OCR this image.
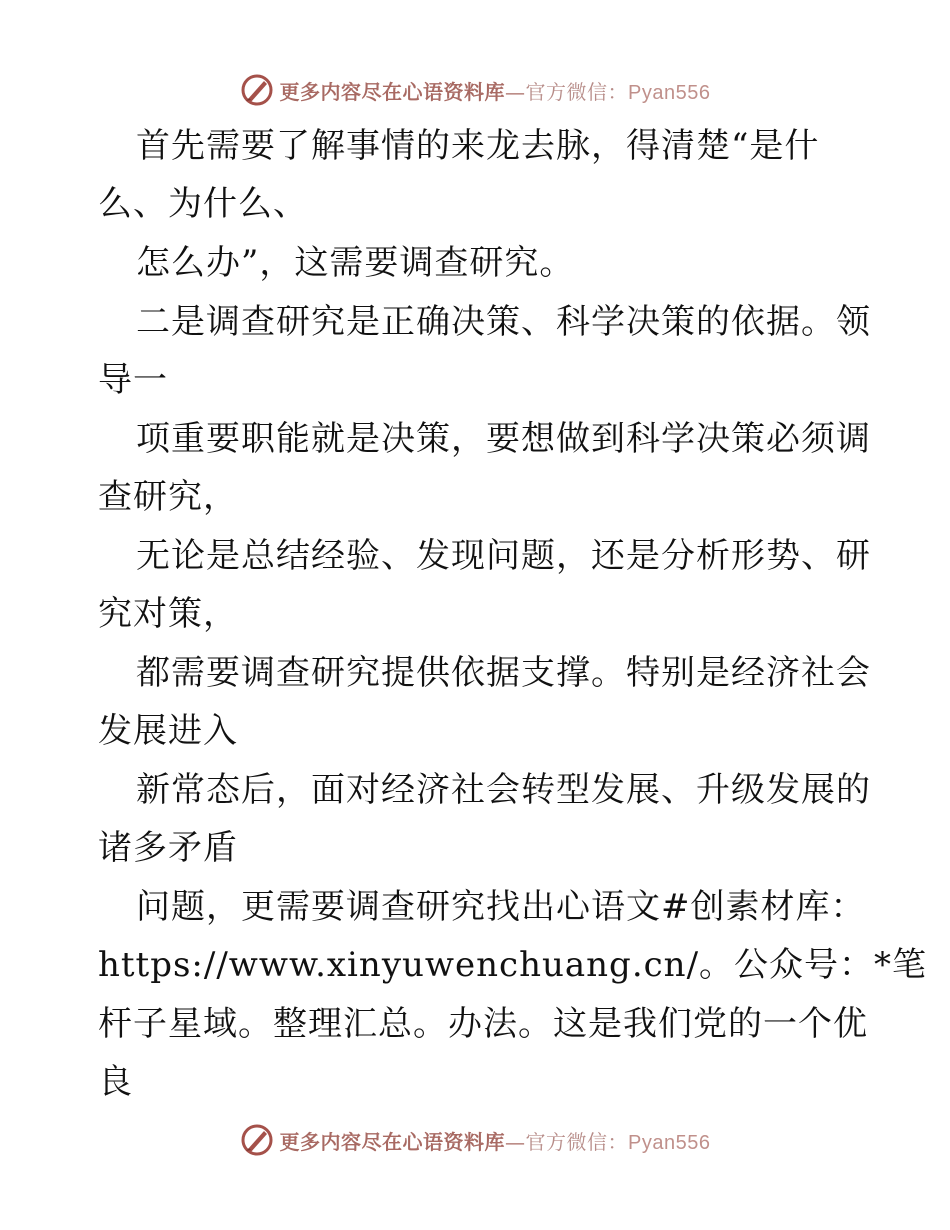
更多内容尽在心语资料库—官方微信：Pyan556
首先需要了解事情的来龙去脉，得清楚“是什
么、为什么、
怎么办”，这需要调查研究。
二是调查研究是正确决策、科学决策的依据。领
导一
项重要职能就是决策，要想做到科学决策必须调
查研究，
无论是总结经验、发现问题，还是分析形势、研
究对策，
都需要调查研究提供依据支撑。特别是经济社会
发展进入
新常态后，面对经济社会转型发展、升级发展的
诸多矛盾
问题，更需要调查研究找出心语文#创素材库：
https://www.xinyuwenchuang.cn/。公众号：*笔
杆子星域。整理汇总。办法。这是我们党的一个优
良
更多内容尽在心语资料库—官方微信：Pyan556
